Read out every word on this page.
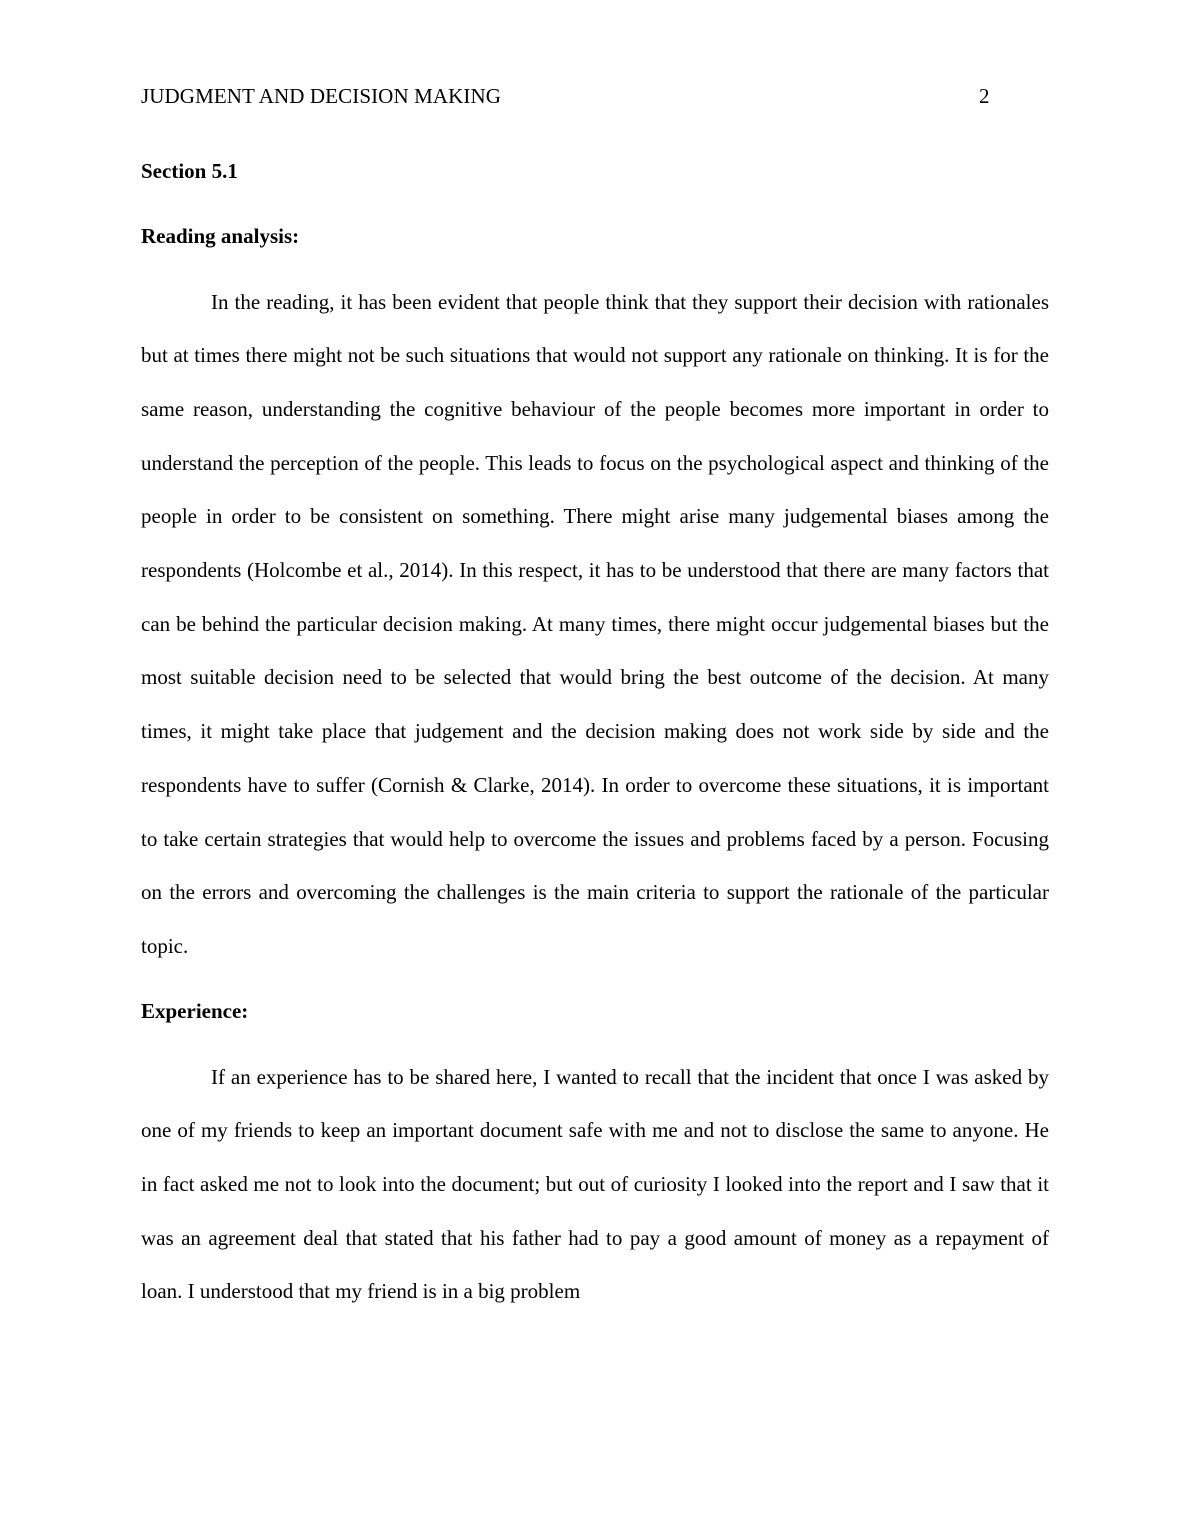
JUDGMENT AND DECISION MAKING	2

Section 5.1

Reading analysis:

In the reading, it has been evident that people think that they support their decision with rationales but at times there might not be such situations that would not support any rationale on thinking. It is for the same reason, understanding the cognitive behaviour of the people becomes more important in order to understand the perception of the people. This leads to focus on the psychological aspect and thinking of the people in order to be consistent on something. There might arise many judgemental biases among the respondents (Holcombe et al., 2014). In this respect, it has to be understood that there are many factors that can be behind the particular decision making. At many times, there might occur judgemental biases but the most suitable decision need to be selected that would bring the best outcome of the decision. At many times, it might take place that judgement and the decision making does not work side by side and the respondents have to suffer (Cornish & Clarke, 2014). In order to overcome these situations, it is important to take certain strategies that would help to overcome the issues and problems faced by a person. Focusing on the errors and overcoming the challenges is the main criteria to support the rationale of the particular topic.

Experience:

If an experience has to be shared here, I wanted to recall that the incident that once I was asked by one of my friends to keep an important document safe with me and not to disclose the same to anyone. He in fact asked me not to look into the document; but out of curiosity I looked into the report and I saw that it was an agreement deal that stated that his father had to pay a good amount of money as a repayment of loan. I understood that my friend is in a big problem
